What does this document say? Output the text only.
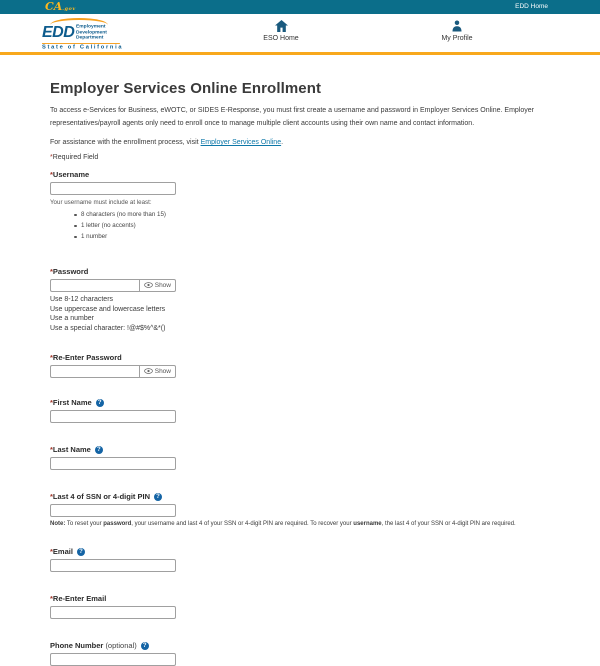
CA.gov	EDD Home
EDD Employment
Development
Department
State of California
ESO Home	My Profile
Employer Services Online Enrollment

To access e-Services for Business, eWOTC, or SIDES E-Response, you must first create a username and password in Employer Services Online. Employer representatives/payroll agents only need to enroll once to manage multiple client accounts using their own name and contact information.

For assistance with the enrollment process, visit Employer Services Online.

*Required Field

*Username
Your username must include at least:
8 characters (no more than 15)
1 letter (no accents)
1 number
*Password
Show
Use 8-12 characters
Use uppercase and lowercase letters
Use a number
Use a special character: !@#$%^&*()
*Re-Enter Password
Show
*First Name	?
*Last Name	?
*Last 4 of SSN or 4-digit PIN	?
Note: To reset your password, your username and last 4 of your SSN or 4-digit PIN are required. To recover your username, the last 4 of your SSN or 4-digit PIN are required.
*Email	?
*Re-Enter Email
Phone Number (optional)	?
